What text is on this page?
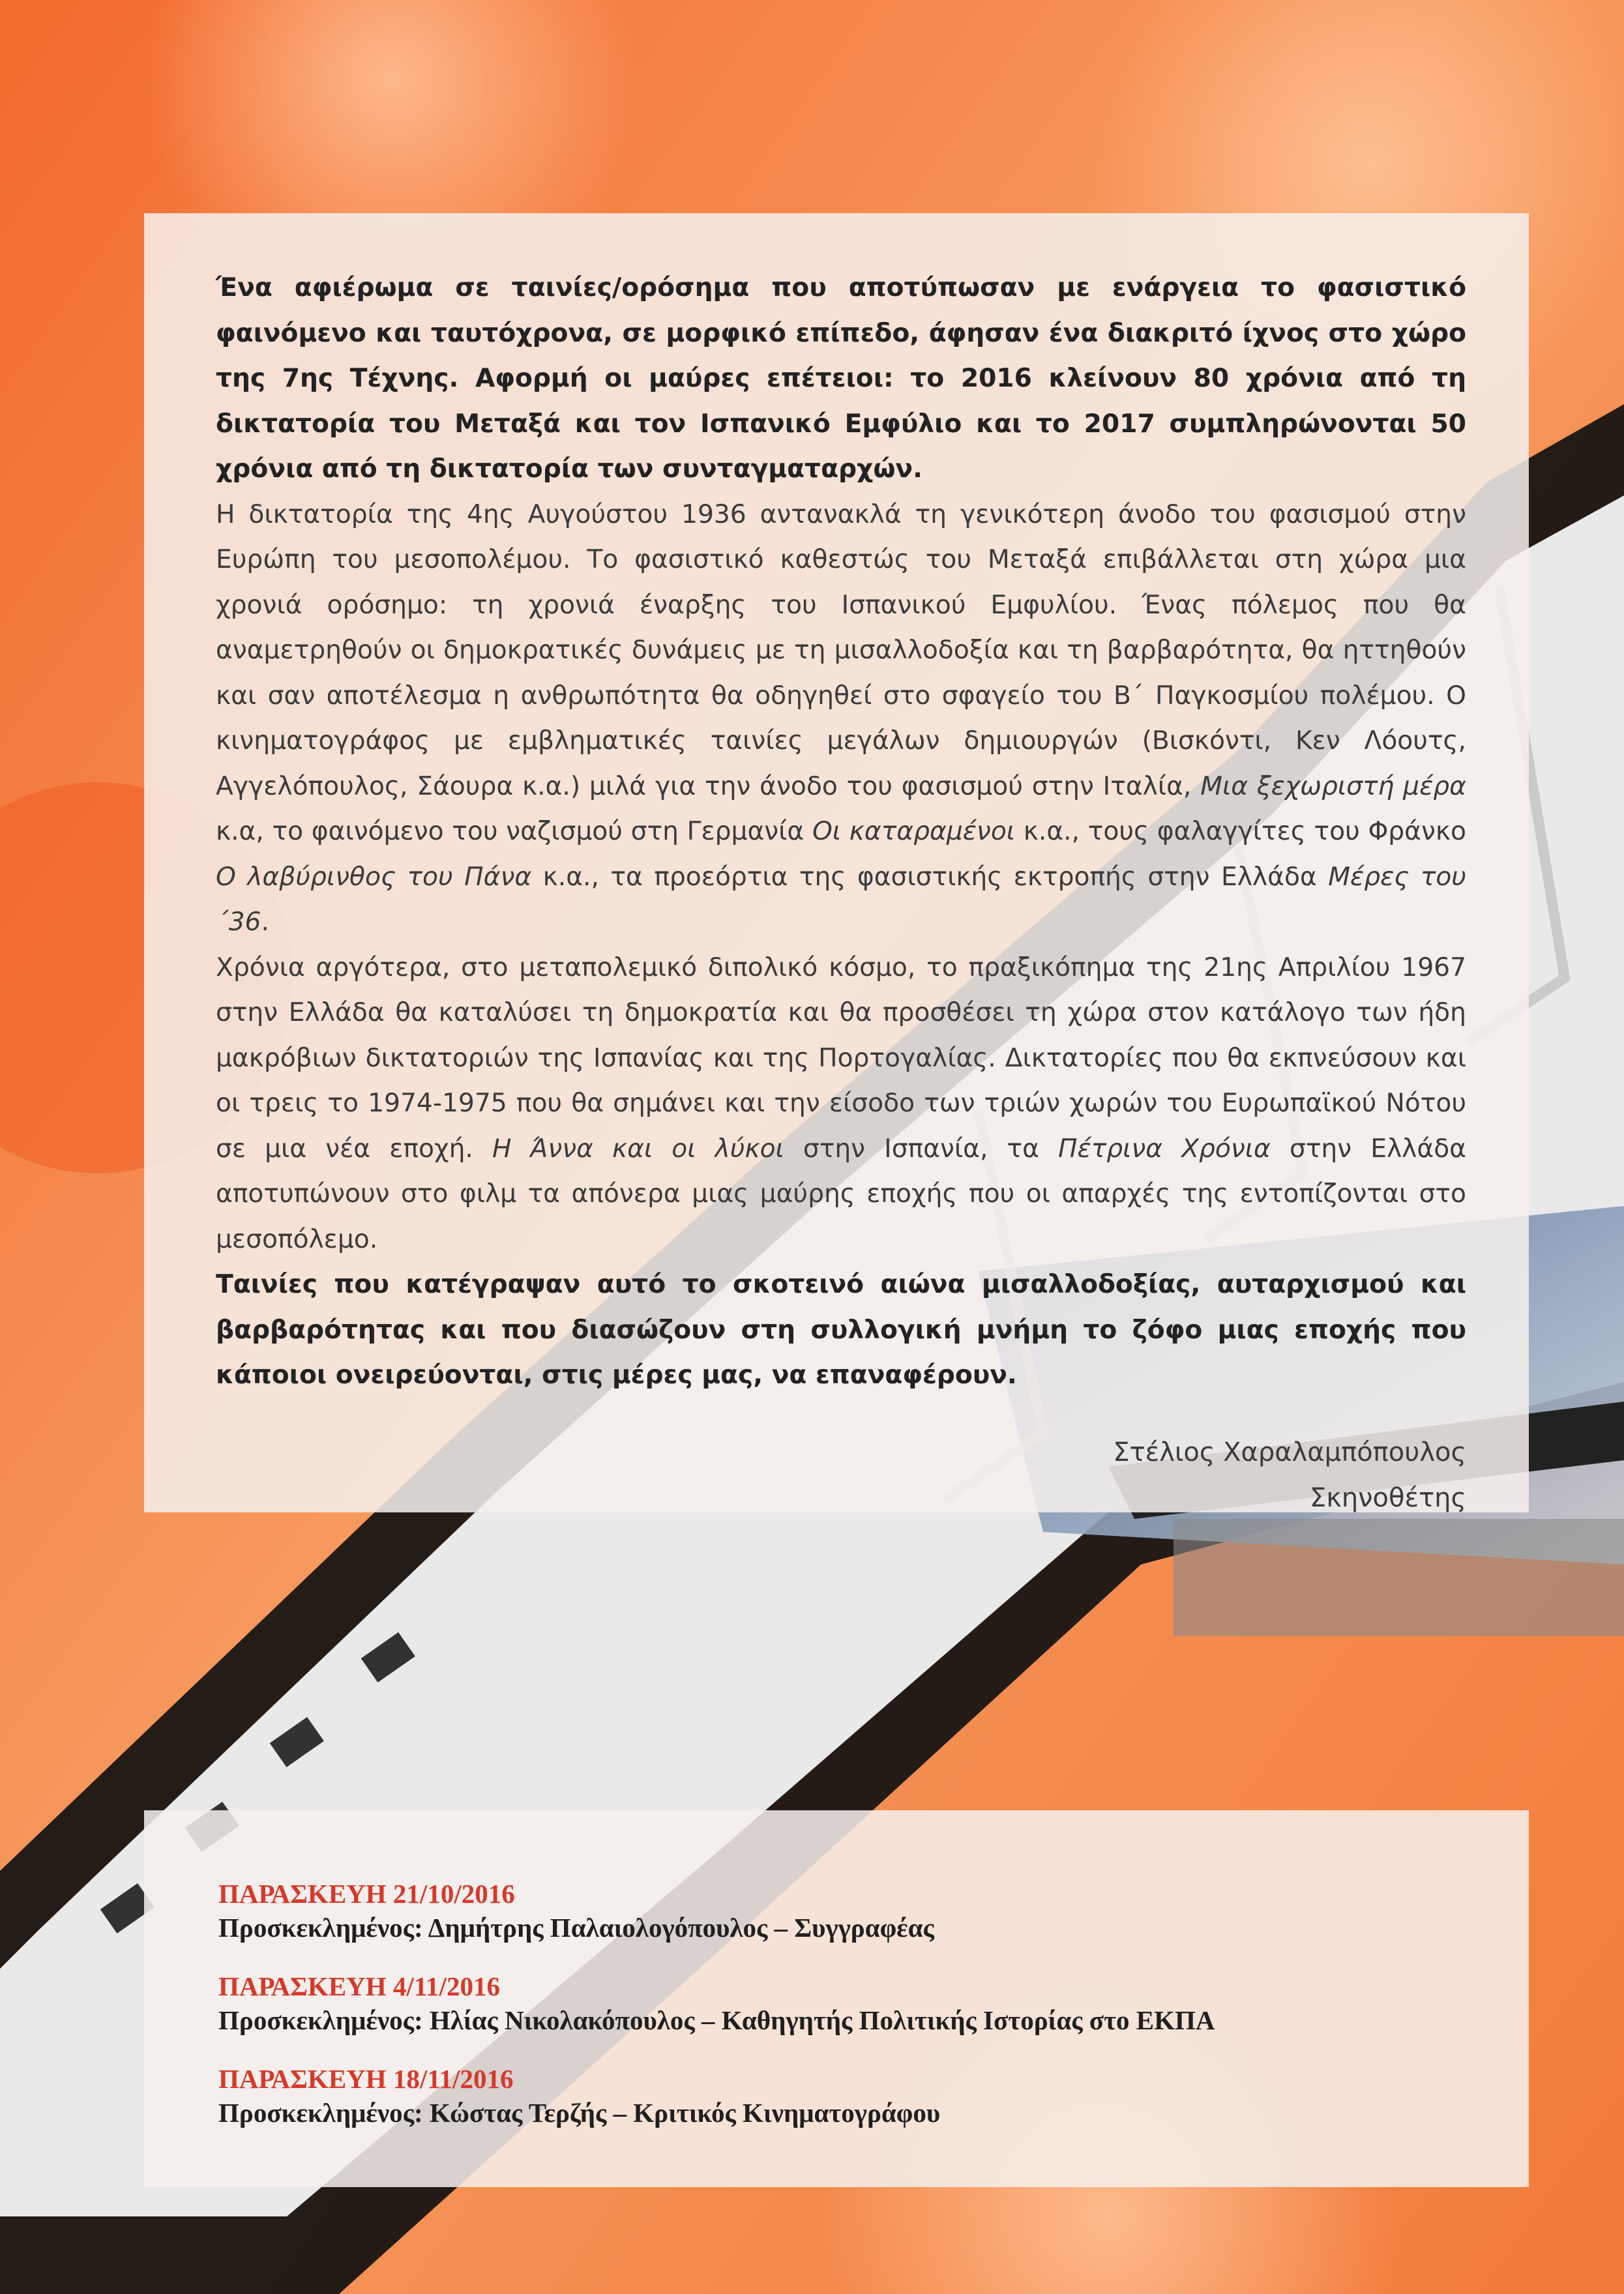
Ένα αφιέρωμα σε ταινίες/ορόσημα που αποτύπωσαν με ενάργεια το φασιστικό φαινόμενο και ταυτόχρονα, σε μορφικό επίπεδο, άφησαν ένα διακριτό ίχνος στο χώρο της 7ης Τέχνης. Αφορμή οι μαύρες επέτειοι: το 2016 κλείνουν 80 χρόνια από τη δικτατορία του Μεταξά και τον Ισπανικό Εμφύλιο και το 2017 συμπληρώνονται 50 χρόνια από τη δικτατορία των συνταγματαρχών.

Η δικτατορία της 4ης Αυγούστου 1936 αντανακλά τη γενικότερη άνοδο του φασισμού στην Ευρώπη του μεσοπολέμου. Το φασιστικό καθεστώς του Μεταξά επιβάλλεται στη χώρα μια χρονιά ορόσημο: τη χρονιά έναρξης του Ισπανικού Εμφυλίου. Ένας πόλεμος που θα αναμετρηθούν οι δημοκρατικές δυνάμεις με τη μισαλλοδοξία και τη βαρβαρότητα, θα ηττηθούν και σαν αποτέλεσμα η ανθρωπότητα θα οδηγηθεί στο σφαγείο του Β΄ Παγκοσμίου πολέμου. Ο κινηματογράφος με εμβληματικές ταινίες μεγάλων δημιουργών (Βισκόντι, Κεν Λόουτς, Αγγελόπουλος, Σάουρα κ.α.) μιλά για την άνοδο του φασισμού στην Ιταλία, Μια ξεχωριστή μέρα κ.α, το φαινόμενο του ναζισμού στη Γερμανία Οι καταραμένοι κ.α., τους φαλαγγίτες του Φράνκο Ο λαβύρινθος του Πάνα κ.α., τα προεόρτια της φασιστικής εκτροπής στην Ελλάδα Μέρες του ΄36.

Χρόνια αργότερα, στο μεταπολεμικό διπολικό κόσμο, το πραξικόπημα της 21ης Απριλίου 1967 στην Ελλάδα θα καταλύσει τη δημοκρατία και θα προσθέσει τη χώρα στον κατάλογο των ήδη μακρόβιων δικτατοριών της Ισπανίας και της Πορτογαλίας. Δικτατορίες που θα εκπνεύσουν και οι τρεις το 1974-1975 που θα σημάνει και την είσοδο των τριών χωρών του Ευρωπαϊκού Νότου σε μια νέα εποχή. Η Άννα και οι λύκοι στην Ισπανία, τα Πέτρινα Χρόνια στην Ελλάδα αποτυπώνουν στο φιλμ τα απόνερα μιας μαύρης εποχής που οι απαρχές της εντοπίζονται στο μεσοπόλεμο.

Ταινίες που κατέγραψαν αυτό το σκοτεινό αιώνα μισαλλοδοξίας, αυταρχισμού και βαρβαρότητας και που διασώζουν στη συλλογική μνήμη το ζόφο μιας εποχής που κάποιοι ονειρεύονται, στις μέρες μας, να επαναφέρουν.

Στέλιος Χαραλαμπόπουλος
Σκηνοθέτης
ΠΑΡΑΣΚΕΥΗ 21/10/2016
Προσκεκλημένος: Δημήτρης Παλαιολογόπουλος – Συγγραφέας
ΠΑΡΑΣΚΕΥΗ 4/11/2016
Προσκεκλημένος: Ηλίας Νικολακόπουλος – Καθηγητής Πολιτικής Ιστορίας στο ΕΚΠΑ
ΠΑΡΑΣΚΕΥΗ 18/11/2016
Προσκεκλημένος: Κώστας Τερζής – Κριτικός Κινηματογράφου
